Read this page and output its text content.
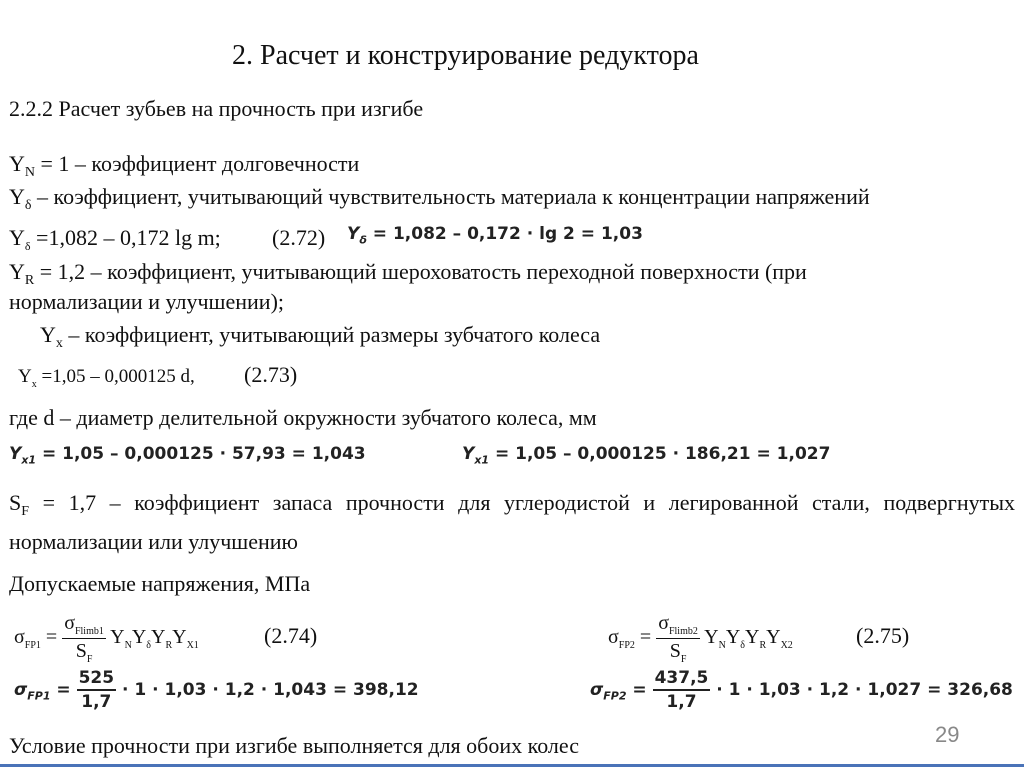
2. Расчет и конструирование редуктора
2.2.2 Расчет зубьев на прочность при изгибе
$Y_N = 1$ – коэффициент долговечности
$Y_\delta$ – коэффициент, учитывающий чувствительность материала к концентрации напряжений
$Y_\delta =1,082 - 0,172$ lg m; (2.72) $Y_\delta = 1,082 - 0,172 \cdot \lg 2 = 1,03$
$Y_R = 1,2$ – коэффициент, учитывающий шероховатость переходной поверхности (при
нормализации и улучшении);
$Y_x$ – коэффициент, учитывающий размеры зубчатого колеса
$Y_x =1,05 - 0,000125$ d, (2.73)
где d – диаметр делительной окружности зубчатого колеса, мм
$Y_{x1} = 1,05 - 0,000125 \cdot 57,93 = 1,043$	$Y_{x1} = 1,05 - 0,000125 \cdot 186,21 = 1,027$
$S_F = 1,7$ – коэффициент запаса прочности для углеродистой и легированной стали, подвергнутых нормализации или улучшению
Допускаемые напряжения, МПа
$\sigma_{FP1} = \frac{\sigma_{Flimb1}}{S_F} Y_NY_\delta Y_RY_{X1}$	(2.74)	$\sigma_{FP2} = \frac{\sigma_{Flimb2}}{S_F} Y_NY_\delta Y_RY_{X2}$	(2.75)
$\sigma_{FP1} = \frac{525}{1,7} \cdot 1 \cdot 1,03 \cdot 1,2 \cdot 1,043 = 398,12$	$\sigma_{FP2} = \frac{437,5}{1,7} \cdot 1 \cdot 1,03 \cdot 1,2 \cdot 1,027 = 326,68$
Условие прочности при изгибе выполняется для обоих колес	29
